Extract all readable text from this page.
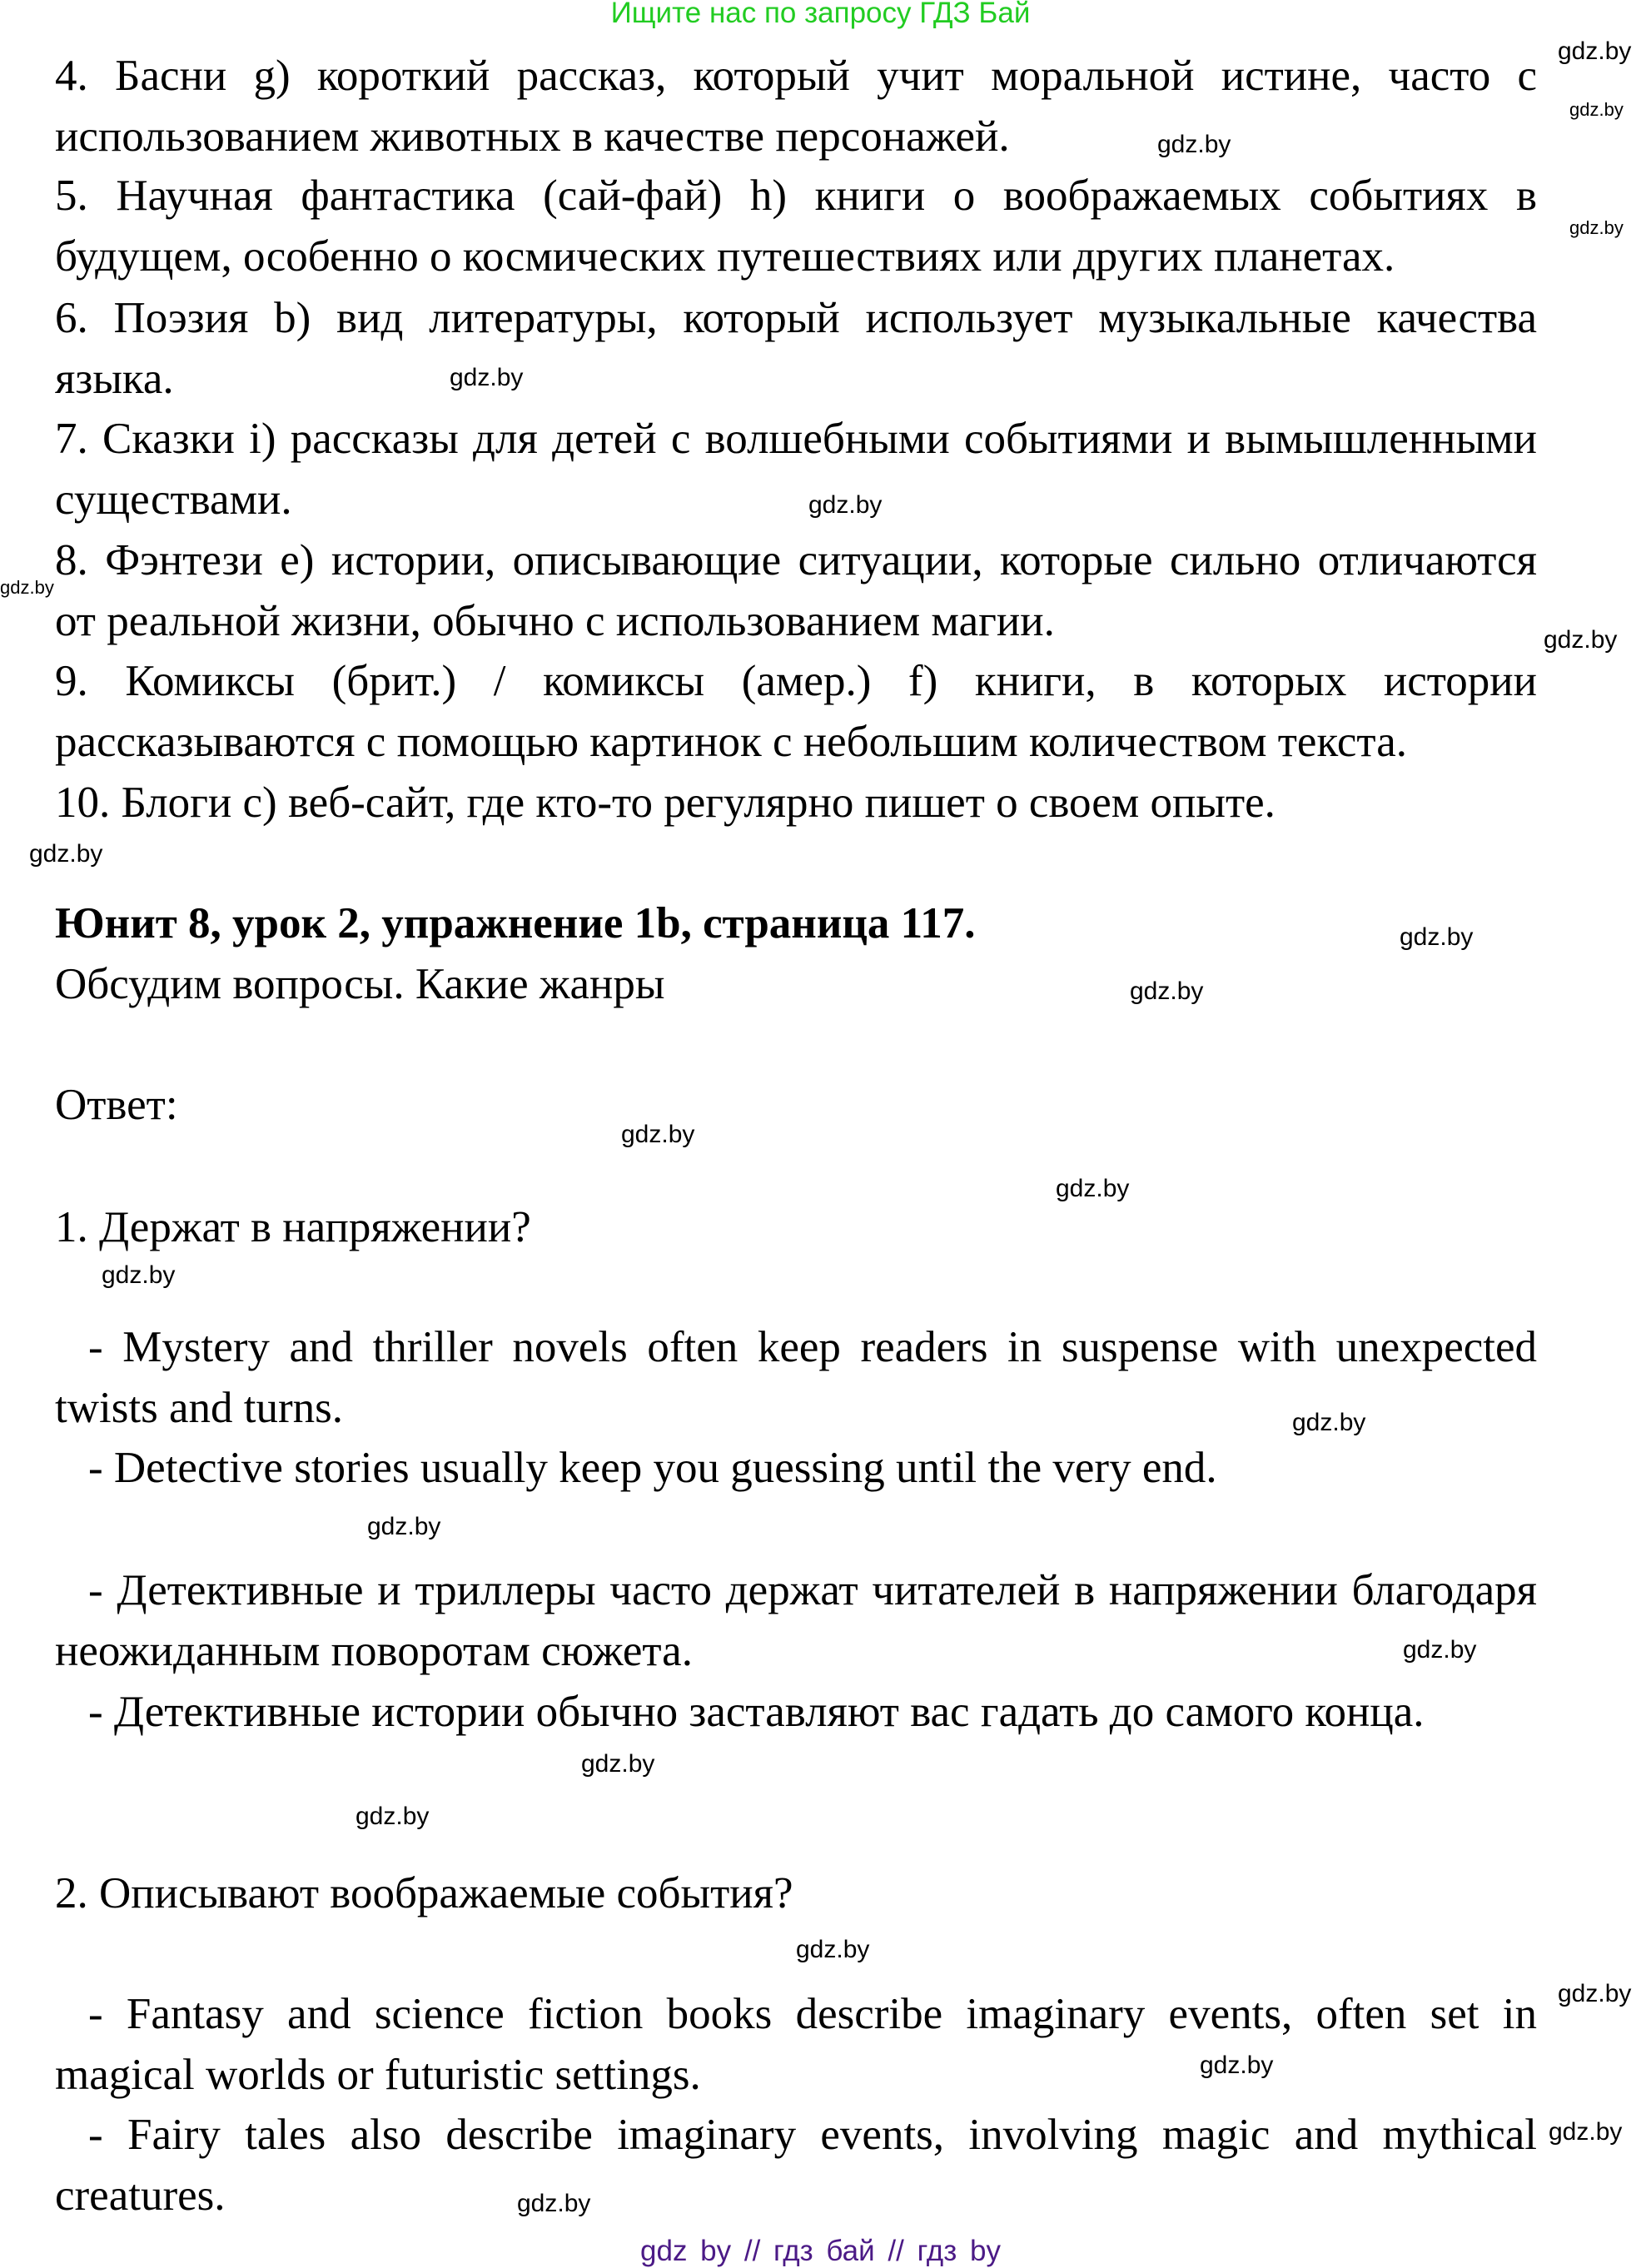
Ищите нас по запросу ГДЗ Бай
4. Басни g) короткий рассказ, который учит моральной истине, часто с использованием животных в качестве персонажей.
5. Научная фантастика (сай-фай) h) книги о воображаемых событиях в будущем, особенно о космических путешествиях или других планетах.
6. Поэзия b) вид литературы, который использует музыкальные качества языка.
7. Сказки i) рассказы для детей с волшебными событиями и вымышленными существами.
8. Фэнтези e) истории, описывающие ситуации, которые сильно отличаются от реальной жизни, обычно с использованием магии.
9. Комиксы (брит.) / комиксы (амер.) f) книги, в которых истории рассказываются с помощью картинок с небольшим количеством текста.
10. Блоги c) веб-сайт, где кто-то регулярно пишет о своем опыте.
Юнит 8, урок 2, упражнение 1b, страница 117.
Обсудим вопросы. Какие жанры
Ответ:
1. Держат в напряжении?
- Mystery and thriller novels often keep readers in suspense with unexpected twists and turns.
- Detective stories usually keep you guessing until the very end.
- Детективные и триллеры часто держат читателей в напряжении благодаря неожиданным поворотам сюжета.
- Детективные истории обычно заставляют вас гадать до самого конца.
2. Описывают воображаемые события?
- Fantasy and science fiction books describe imaginary events, often set in magical worlds or futuristic settings.
- Fairy tales also describe imaginary events, involving magic and mythical creatures.
gdz.by
gdz.by
gdz.by
gdz.by
gdz.by
gdz.by
gdz.by
gdz.by
gdz.by
gdz.by
gdz.by
gdz.by
gdz.by
gdz.by
gdz.by
gdz.by
gdz.by
gdz.by
gdz.by
gdz.by
gdz.by
gdz.by
gdz.by
gdz.by
gdz by // гдз бай // гдз by
